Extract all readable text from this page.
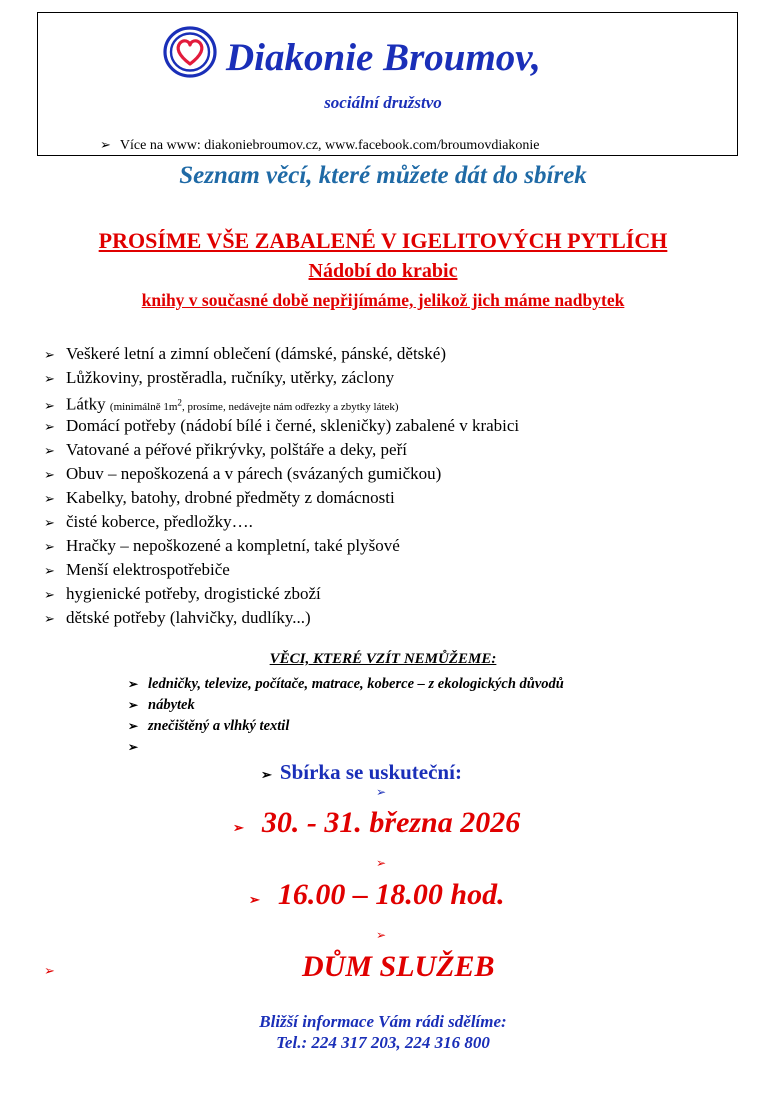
Diakonie Broumov,
sociální družstvo
➢ Více na www: diakoniebroumov.cz, www.facebook.com/broumovdiakonie
Seznam věcí, které můžete dát do sbírek
PROSÍME VŠE ZABALENÉ V IGELITOVÝCH PYTLÍCH
Nádobí do krabic
knihy v současné době nepřijímáme, jelikož jich máme nadbytek
➢ Veškeré letní a zimní oblečení (dámské, pánské, dětské)
➢ Lůžkoviny, prostěradla, ručníky, utěrky, záclony
➢ Látky (minimálně $1m^2$, prosíme, nedávejte nám odřezky a zbytky látek)
➢ Domácí potřeby (nádobí bílé i černé, skleničky) zabalené v krabici
➢ Vatované a péřové přikrývky, polštáře a deky, peří
➢ Obuv – nepoškozená a v párech (svázaných gumičkou)
➢ Kabelky, batohy, drobné předměty z domácnosti
➢ čisté koberce, předložky….
➢ Hračky – nepoškozené a kompletní, také plyšové
➢ Menší elektrospotřebiče
➢ hygienické potřeby, drogistické zboží
➢ dětské potřeby (lahvičky, dudlíky...)
VĚCI, KTERÉ VZÍT NEMŮŽEME:
➢ ledničky, televize, počítače, matrace, koberce – z ekologických důvodů
➢ nábytek
➢ znečištěný a vlhký textil
➢
➢ Sbírka se uskuteční:
➢
➢ 30. - 31. března 2026
➢
➢ 16.00 – 18.00 hod.
➢
➢	DŮM SLUŽEB
Bližší informace Vám rádi sdělíme:
Tel.: 224 317 203, 224 316 800
